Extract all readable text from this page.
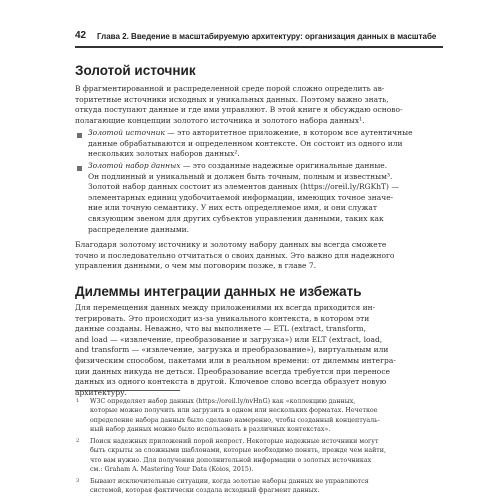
42 Глава 2. Введение в масштабируемую архитектуру: организация данных в масштабе
Золотой источник
В фрагментированной и распределенной среде порой сложно определить ав-
торитетные источники исходных и уникальных данных. Поэтому важно знать,
откуда поступают данные и где ими управляют. В этой книге я обсуждаю осново-
полагающие концепции золотого источника и золотого набора данных¹.
Золотой источник — это авторитетное приложение, в котором все аутентичные
данные обрабатываются и определенном контексте. Он состоит из одного или
нескольких золотых наборов данных².
Золотой набор данных — это созданные надежные оригинальные данные.
Он подлинный и уникальный и должен быть точным, полным и известным³.
Золотой набор данных состоит из элементов данных (https://oreil.ly/RGKhT) —
элементарных единиц удобочитаемой информации, имеющих точное значе-
ние или точную семантику. У них есть определяемое имя, и они служат
связующим звеном для других субъектов управления данными, таких как
распределение данными.
Благодаря золотому источнику и золотому набору данных вы всегда сможете
точно и последовательно отчитаться о своих данных. Это важно для надежного
управления данными, о чем мы поговорим позже, в главе 7.
Дилеммы интеграции данных не избежать
Для перемещения данных между приложениями их всегда приходится ин-
тегрировать. Это происходит из-за уникального контекста, в котором эти
данные созданы. Неважно, что вы выполняете — ETL (extract, transform,
and load — «извлечение, преобразование и загрузка») или ELT (extract, load,
and transform — «извлечение, загрузка и преобразование»), виртуальным или
физическим способом, пакетами или в реальном времени: от дилеммы интегра-
ции данных никуда не деться. Преобразование всегда требуется при переносе
данных из одного контекста в другой. Ключевое слово всегда образует новую
архитектуру.
1	W3C определяет набор данных (https://oreil.ly/nvHnG) как «коллекцию данных,
которые можно получить или загрузить в одном или нескольких форматах. Нечеткое
определение набора данных было сделано намеренно, чтобы созданный концептуаль-
ный набор данных можно было использовать в различных контекстах».
2	Поиск надежных приложений порой непрост. Некоторые надежные источники могут
быть скрыты за сложными шаблонами, которые необходимо понять, прежде чем найти,
что вам нужно. Для получения дополнительной информации о золотых источниках
см.: Graham A. Mastering Your Data (Koios, 2015).
3	Бывают исключительные ситуации, когда золотые наборы данных не управляются
системой, которая фактически создала исходный фрагмент данных.
